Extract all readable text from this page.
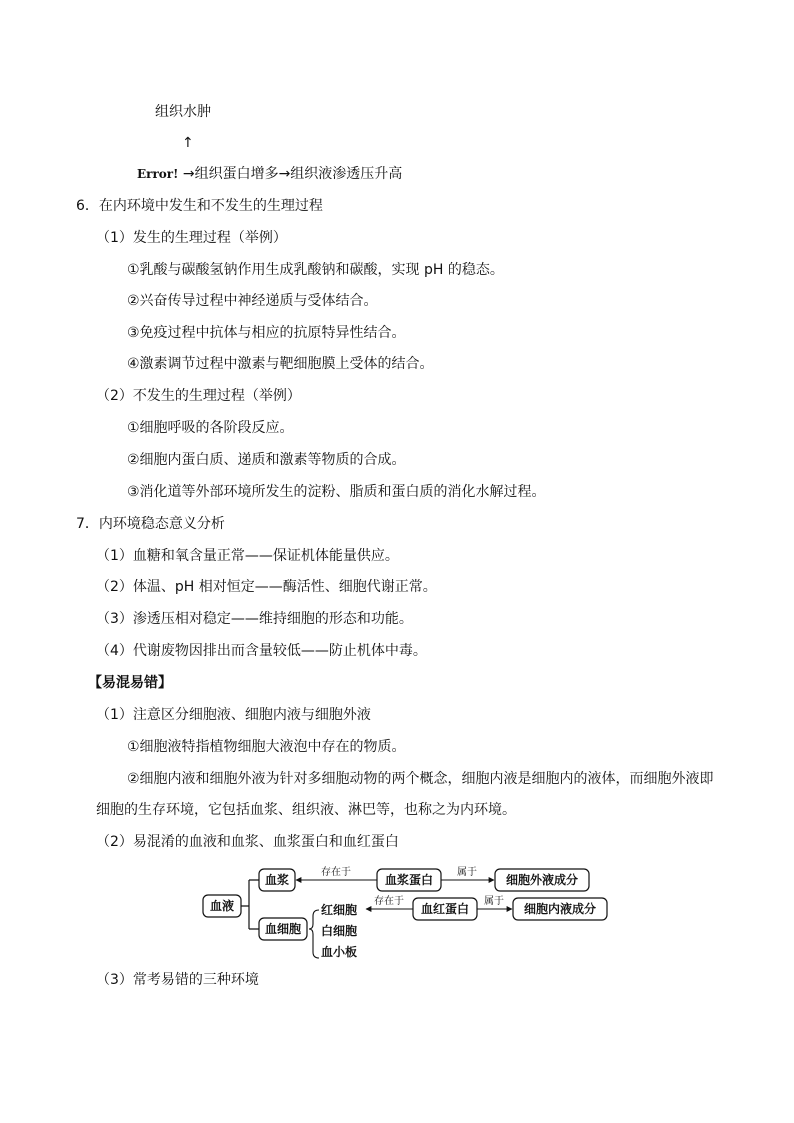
组织水肿
↑
Error! →组织蛋白增多→组织液渗透压升高
6．在内环境中发生和不发生的生理过程
（1）发生的生理过程（举例）
①乳酸与碳酸氢钠作用生成乳酸钠和碳酸，实现 pH 的稳态。
②兴奋传导过程中神经递质与受体结合。
③免疫过程中抗体与相应的抗原特异性结合。
④激素调节过程中激素与靶细胞膜上受体的结合。
（2）不发生的生理过程（举例）
①细胞呼吸的各阶段反应。
②细胞内蛋白质、递质和激素等物质的合成。
③消化道等外部环境所发生的淀粉、脂质和蛋白质的消化水解过程。
7．内环境稳态意义分析
（1）血糖和氧含量正常——保证机体能量供应。
（2）体温、pH 相对恒定——酶活性、细胞代谢正常。
（3）渗透压相对稳定——维持细胞的形态和功能。
（4）代谢废物因排出而含量较低——防止机体中毒。
【易混易错】
（1）注意区分细胞液、细胞内液与细胞外液
①细胞液特指植物细胞大液泡中存在的物质。
②细胞内液和细胞外液为针对多细胞动物的两个概念，细胞内液是细胞内的液体，而细胞外液即
细胞的生存环境，它包括血浆、组织液、淋巴等，也称之为内环境。
（2）易混淆的血液和血浆、血浆蛋白和血红蛋白
血液
血浆	血浆蛋白
存在于
细胞外液成分
属于
血细胞
红细胞
白细胞
血小板
血红蛋白
存在于
细胞内液成分
属于
（3）常考易错的三种环境
